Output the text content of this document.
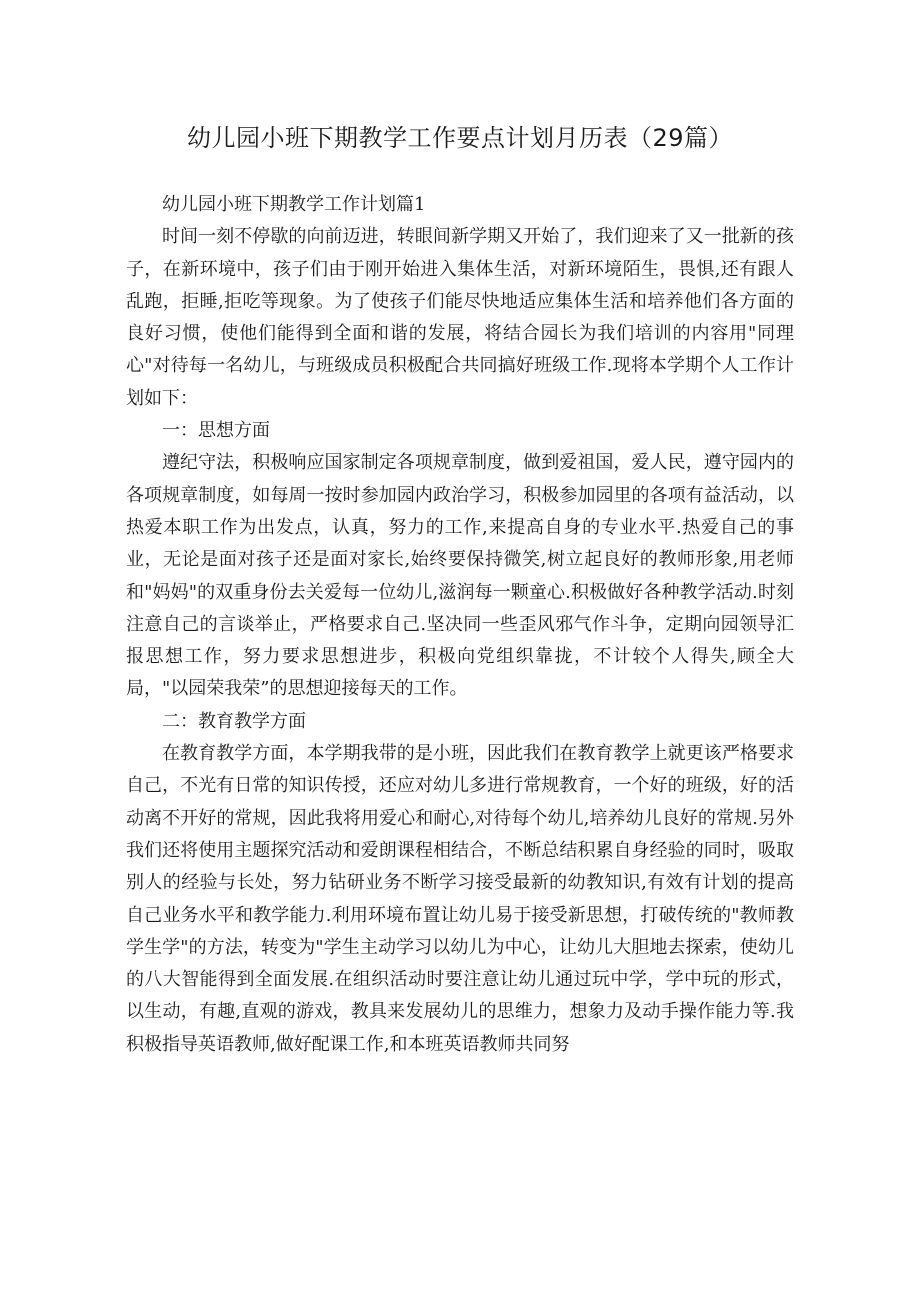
幼儿园小班下期教学工作要点计划月历表（29篇）

幼儿园小班下期教学工作计划篇1

时间一刻不停歇的向前迈进，转眼间新学期又开始了，我们迎来了又一批新的孩子，在新环境中，孩子们由于刚开始进入集体生活，对新环境陌生，畏惧,还有跟人乱跑，拒睡,拒吃等现象。为了使孩子们能尽快地适应集体生活和培养他们各方面的良好习惯，使他们能得到全面和谐的发展，将结合园长为我们培训的内容用"同理心"对待每一名幼儿，与班级成员积极配合共同搞好班级工作.现将本学期个人工作计划如下：

一：思想方面

遵纪守法，积极响应国家制定各项规章制度，做到爱祖国，爱人民，遵守园内的各项规章制度，如每周一按时参加园内政治学习，积极参加园里的各项有益活动，以热爱本职工作为出发点，认真，努力的工作,来提高自身的专业水平.热爱自己的事业，无论是面对孩子还是面对家长,始终要保持微笑,树立起良好的教师形象,用老师和"妈妈"的双重身份去关爱每一位幼儿,滋润每一颗童心.积极做好各种教学活动.时刻注意自己的言谈举止，严格要求自己.坚决同一些歪风邪气作斗争，定期向园领导汇报思想工作，努力要求思想进步，积极向党组织靠拢，不计较个人得失,顾全大局，"以园荣我荣”的思想迎接每天的工作。

二：教育教学方面

在教育教学方面，本学期我带的是小班，因此我们在教育教学上就更该严格要求自己，不光有日常的知识传授，还应对幼儿多进行常规教育，一个好的班级，好的活动离不开好的常规，因此我将用爱心和耐心,对待每个幼儿,培养幼儿良好的常规.另外我们还将使用主题探究活动和爱朗课程相结合，不断总结积累自身经验的同时，吸取别人的经验与长处，努力钻研业务不断学习接受最新的幼教知识,有效有计划的提高自己业务水平和教学能力.利用环境布置让幼儿易于接受新思想，打破传统的"教师教学生学"的方法，转变为"学生主动学习以幼儿为中心，让幼儿大胆地去探索，使幼儿的八大智能得到全面发展.在组织活动时要注意让幼儿通过玩中学，学中玩的形式，以生动，有趣,直观的游戏，教具来发展幼儿的思维力，想象力及动手操作能力等.我积极指导英语教师,做好配课工作,和本班英语教师共同努
